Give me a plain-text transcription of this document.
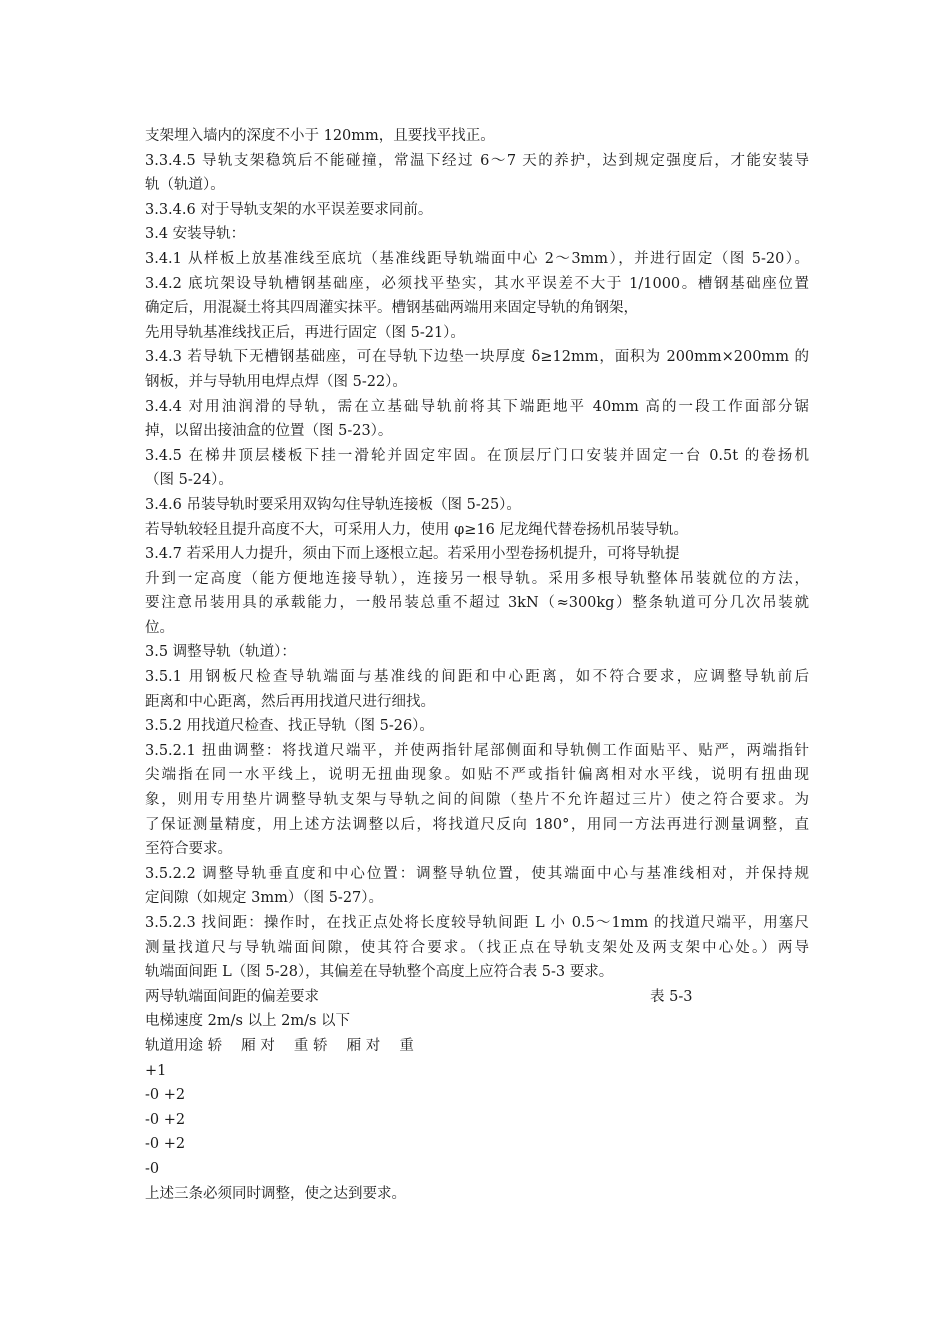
支架埋入墙内的深度不小于 120mm，且要找平找正。
3.3.4.5 导轨支架稳筑后不能碰撞，常温下经过 6～7 天的养护，达到规定强度后，才能安装导
轨（轨道）。
3.3.4.6 对于导轨支架的水平误差要求同前。
3.4 安装导轨：
3.4.1 从样板上放基准线至底坑（基准线距导轨端面中心 2～3mm），并进行固定（图 5-20）。
3.4.2 底坑架设导轨槽钢基础座，必须找平垫实，其水平误差不大于 1/1000。槽钢基础座位置
确定后，用混凝土将其四周灌实抹平。槽钢基础两端用来固定导轨的角钢架，
先用导轨基准线找正后，再进行固定（图 5-21）。
3.4.3 若导轨下无槽钢基础座，可在导轨下边垫一块厚度 δ≥12mm，面积为 200mm×200mm 的
钢板，并与导轨用电焊点焊（图 5-22）。
3.4.4 对用油润滑的导轨，需在立基础导轨前将其下端距地平 40mm 高的一段工作面部分锯
掉，以留出接油盒的位置（图 5-23）。
3.4.5 在梯井顶层楼板下挂一滑轮并固定牢固。在顶层厅门口安装并固定一台 0.5t 的卷扬机
（图 5-24）。
3.4.6 吊装导轨时要采用双钩勾住导轨连接板（图 5-25）。
若导轨较轻且提升高度不大，可采用人力，使用 φ≥16 尼龙绳代替卷扬机吊装导轨。
3.4.7 若采用人力提升，须由下而上逐根立起。若采用小型卷扬机提升，可将导轨提
升到一定高度（能方便地连接导轨），连接另一根导轨。采用多根导轨整体吊装就位的方法，
要注意吊装用具的承载能力，一般吊装总重不超过 3kN（≈300kg）整条轨道可分几次吊装就
位。
3.5 调整导轨（轨道）：
3.5.1 用钢板尺检查导轨端面与基准线的间距和中心距离，如不符合要求，应调整导轨前后
距离和中心距离，然后再用找道尺进行细找。
3.5.2 用找道尺检查、找正导轨（图 5-26）。
3.5.2.1 扭曲调整：将找道尺端平，并使两指针尾部侧面和导轨侧工作面贴平、贴严，两端指针
尖端指在同一水平线上，说明无扭曲现象。如贴不严或指针偏离相对水平线，说明有扭曲现
象，则用专用垫片调整导轨支架与导轨之间的间隙（垫片不允许超过三片）使之符合要求。为
了保证测量精度，用上述方法调整以后，将找道尺反向 180°，用同一方法再进行测量调整，直
至符合要求。
3.5.2.2 调整导轨垂直度和中心位置：调整导轨位置，使其端面中心与基准线相对，并保持规
定间隙（如规定 3mm）（图 5-27）。
3.5.2.3 找间距：操作时，在找正点处将长度较导轨间距 L 小 0.5～1mm 的找道尺端平，用塞尺
测量找道尺与导轨端面间隙，使其符合要求。（找正点在导轨支架处及两支架中心处。）两导
轨端面间距 L（图 5-28），其偏差在导轨整个高度上应符合表 5-3 要求。
两导轨端面间距的偏差要求	表 5-3
电梯速度 2m/s 以上 2m/s 以下
轨道用途 轿　 厢 对　 重 轿　 厢 对　 重
+1
-0 +2
-0 +2
-0 +2
-0
上述三条必须同时调整，使之达到要求。
